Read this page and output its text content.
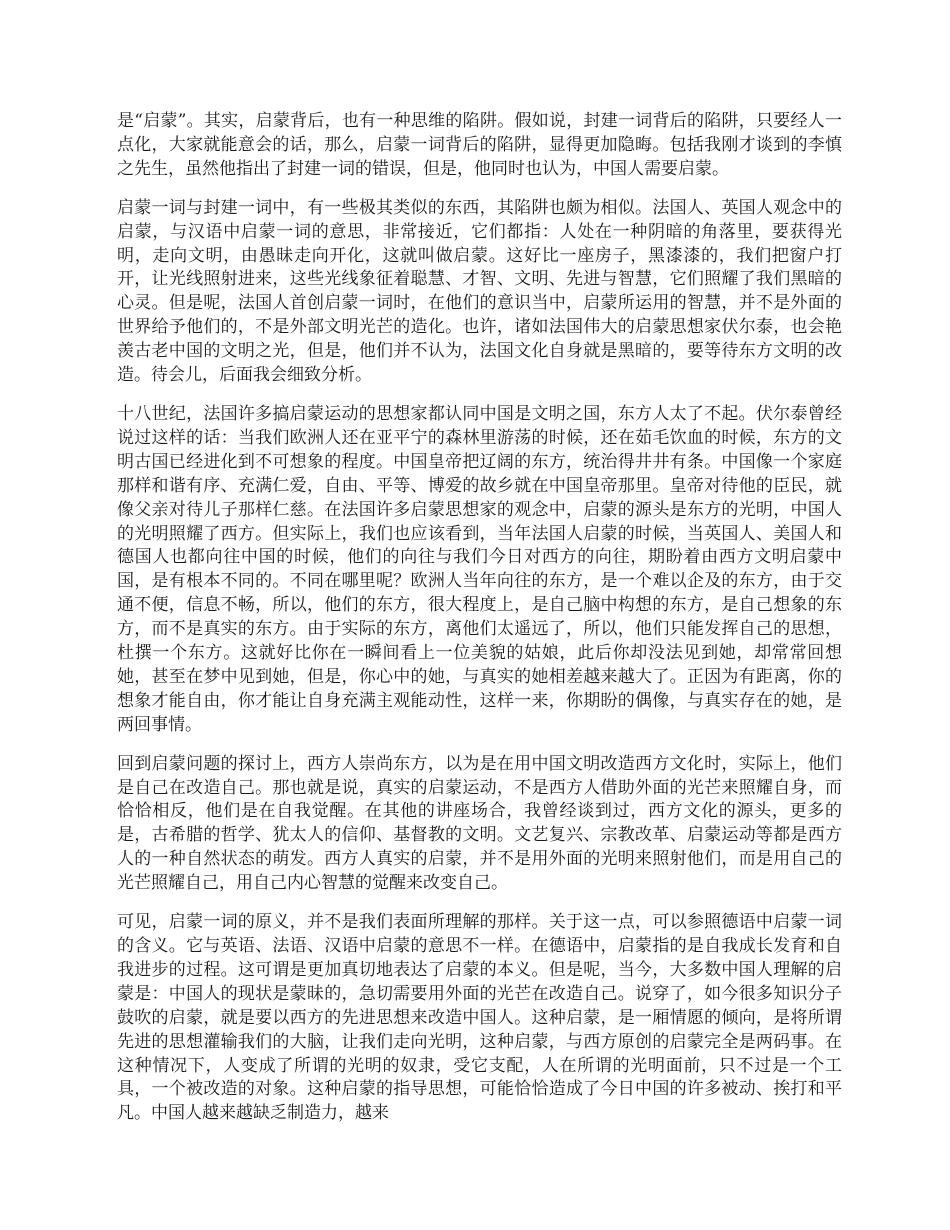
是“启蒙”。其实，启蒙背后，也有一种思维的陷阱。假如说，封建一词背后的陷阱，只要经人一点化，大家就能意会的话，那么，启蒙一词背后的陷阱，显得更加隐晦。包括我刚才谈到的李慎之先生，虽然他指出了封建一词的错误，但是，他同时也认为，中国人需要启蒙。

启蒙一词与封建一词中，有一些极其类似的东西，其陷阱也颇为相似。法国人、英国人观念中的启蒙，与汉语中启蒙一词的意思，非常接近，它们都指：人处在一种阴暗的角落里，要获得光明，走向文明，由愚昧走向开化，这就叫做启蒙。这好比一座房子，黑漆漆的，我们把窗户打开，让光线照射进来，这些光线象征着聪慧、才智、文明、先进与智慧，它们照耀了我们黑暗的心灵。但是呢，法国人首创启蒙一词时，在他们的意识当中，启蒙所运用的智慧，并不是外面的世界给予他们的，不是外部文明光芒的造化。也许，诸如法国伟大的启蒙思想家伏尔泰，也会艳羡古老中国的文明之光，但是，他们并不认为，法国文化自身就是黑暗的，要等待东方文明的改造。待会儿，后面我会细致分析。

十八世纪，法国许多搞启蒙运动的思想家都认同中国是文明之国，东方人太了不起。伏尔泰曾经说过这样的话：当我们欧洲人还在亚平宁的森林里游荡的时候，还在茹毛饮血的时候，东方的文明古国已经进化到不可想象的程度。中国皇帝把辽阔的东方，统治得井井有条。中国像一个家庭那样和谐有序、充满仁爱，自由、平等、博爱的故乡就在中国皇帝那里。皇帝对待他的臣民，就像父亲对待儿子那样仁慈。在法国许多启蒙思想家的观念中，启蒙的源头是东方的光明，中国人的光明照耀了西方。但实际上，我们也应该看到，当年法国人启蒙的时候，当英国人、美国人和德国人也都向往中国的时候，他们的向往与我们今日对西方的向往，期盼着由西方文明启蒙中国，是有根本不同的。不同在哪里呢？欧洲人当年向往的东方，是一个难以企及的东方，由于交通不便，信息不畅，所以，他们的东方，很大程度上，是自己脑中构想的东方，是自己想象的东方，而不是真实的东方。由于实际的东方，离他们太遥远了，所以，他们只能发挥自己的思想，杜撰一个东方。这就好比你在一瞬间看上一位美貌的姑娘，此后你却没法见到她，却常常回想她，甚至在梦中见到她，但是，你心中的她，与真实的她相差越来越大了。正因为有距离，你的想象才能自由，你才能让自身充满主观能动性，这样一来，你期盼的偶像，与真实存在的她，是两回事情。

回到启蒙问题的探讨上，西方人崇尚东方，以为是在用中国文明改造西方文化时，实际上，他们是自己在改造自己。那也就是说，真实的启蒙运动，不是西方人借助外面的光芒来照耀自身，而恰恰相反，他们是在自我觉醒。在其他的讲座场合，我曾经谈到过，西方文化的源头，更多的是，古希腊的哲学、犹太人的信仰、基督教的文明。文艺复兴、宗教改革、启蒙运动等都是西方人的一种自然状态的萌发。西方人真实的启蒙，并不是用外面的光明来照射他们，而是用自己的光芒照耀自己，用自己内心智慧的觉醒来改变自己。

可见，启蒙一词的原义，并不是我们表面所理解的那样。关于这一点，可以参照德语中启蒙一词的含义。它与英语、法语、汉语中启蒙的意思不一样。在德语中，启蒙指的是自我成长发育和自我进步的过程。这可谓是更加真切地表达了启蒙的本义。但是呢，当今，大多数中国人理解的启蒙是：中国人的现状是蒙昧的，急切需要用外面的光芒在改造自己。说穿了，如今很多知识分子鼓吹的启蒙，就是要以西方的先进思想来改造中国人。这种启蒙，是一厢情愿的倾向，是将所谓先进的思想灌输我们的大脑，让我们走向光明，这种启蒙，与西方原创的启蒙完全是两码事。在这种情况下，人变成了所谓的光明的奴隶，受它支配，人在所谓的光明面前，只不过是一个工具，一个被改造的对象。这种启蒙的指导思想，可能恰恰造成了今日中国的许多被动、挨打和平凡。中国人越来越缺乏制造力，越来
